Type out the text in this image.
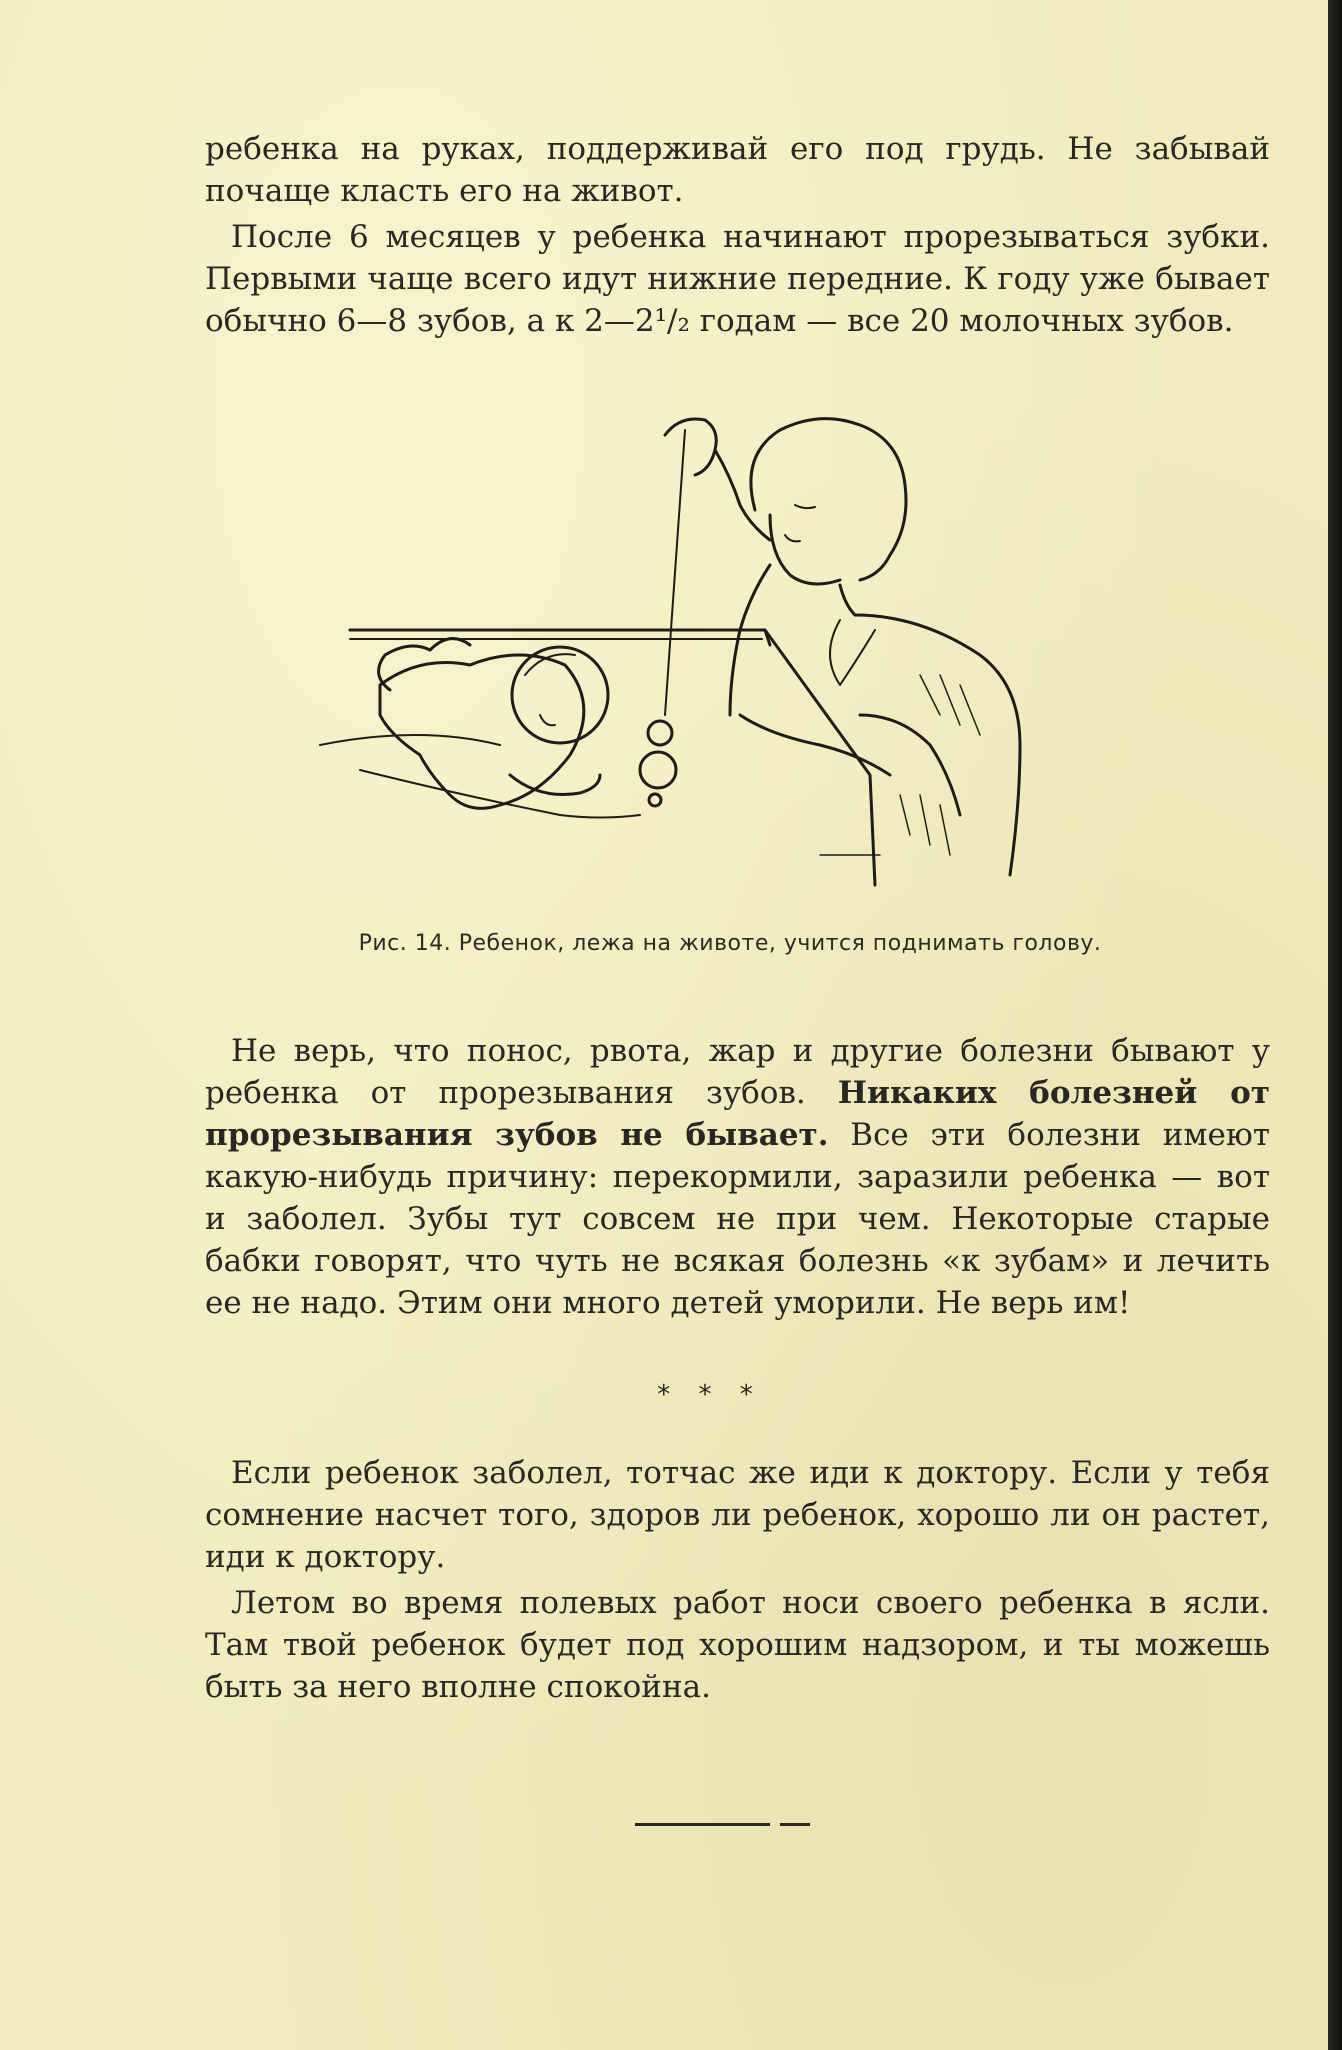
ребенка на руках, поддерживай его под грудь. Не забывай почаще класть его на живот.

После 6 месяцев у ребенка начинают прорезываться зубки. Первыми чаще всего идут нижние передние. К году уже бывает обычно 6—8 зубов, а к 2—2¹/₂ годам — все 20 молочных зубов.

Рис. 14. Ребенок, лежа на животе, учится поднимать голову.

Не верь, что понос, рвота, жар и другие болезни бывают у ребенка от прорезывания зубов. Никаких болезней от прорезывания зубов не бывает. Все эти болезни имеют какую-нибудь причину: перекормили, заразили ребенка — вот и заболел. Зубы тут совсем не при чем. Некоторые старые бабки говорят, что чуть не всякая болезнь «к зубам» и лечить ее не надо. Этим они много детей уморили. Не верь им!

* * *

Если ребенок заболел, тотчас же иди к доктору. Если у тебя сомнение насчет того, здоров ли ребенок, хорошо ли он растет, иди к доктору.

Летом во время полевых работ носи своего ребенка в ясли. Там твой ребенок будет под хорошим надзором, и ты можешь быть за него вполне спокойна.
